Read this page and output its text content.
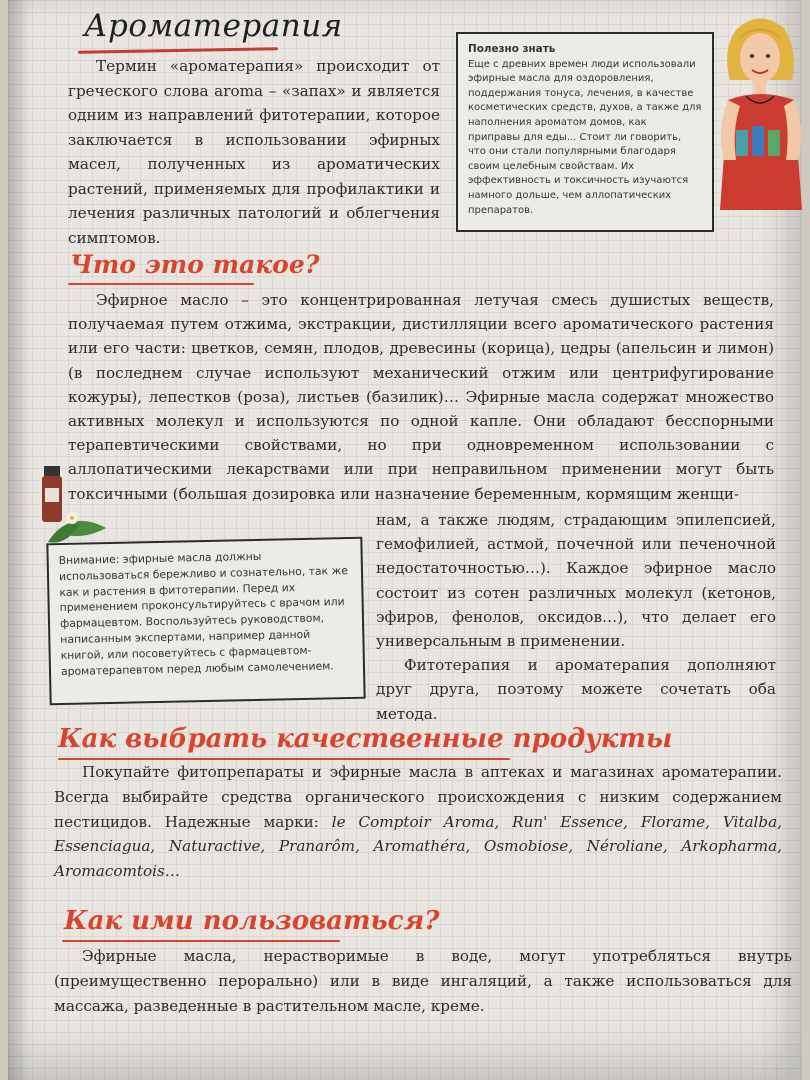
Ароматерапия

Термин «ароматерапия» происходит от греческого слова aroma – «запах» и является одним из направлений фитотерапии, которое заключается в использовании эфирных масел, полученных из ароматических растений, применяемых для профилактики и лечения различных патологий и облегчения симптомов.

Полезно знать

Еще с древних времен люди использовали эфирные масла для оздоровления, поддержания тонуса, лечения, в качестве косметических средств, духов, а также для наполнения ароматом домов, как приправы для еды... Стоит ли говорить, что они стали популярными благодаря своим целебным свойствам. Их эффективность и токсичность изучаются намного дольше, чем аллопатических препаратов.

Что это такое?

Эфирное масло – это концентрированная летучая смесь душистых веществ, получаемая путем отжима, экстракции, дистилляции всего ароматического растения или его части: цветков, семян, плодов, древесины (корица), цедры (апельсин и лимон) (в последнем случае используют механический отжим или центрифугирование кожуры), лепестков (роза), листьев (базилик)… Эфирные масла содержат множество активных молекул и используются по одной капле. Они обладают бесспорными терапевтическими свойствами, но при одновременном использовании с аллопатическими лекарствами или при неправильном применении могут быть токсичными (большая дозировка или назначение беременным, кормящим женщи-

Внимание: эфирные масла должны использоваться бережливо и сознательно, так же как и растения в фитотерапии. Перед их применением проконсультируйтесь с врачом или фармацевтом. Воспользуйтесь руководством, написанным экспертами, например данной книгой, или посоветуйтесь с фармацевтом-ароматерапевтом перед любым самолечением.

нам, а также людям, страдающим эпилепсией, гемофилией, астмой, почечной или печеночной недостаточностью…). Каждое эфирное масло состоит из сотен различных молекул (кетонов, эфиров, фенолов, оксидов…), что делает его универсальным в применении.

Фитотерапия и ароматерапия дополняют друг друга, поэтому можете сочетать оба метода.

Как выбрать качественные продукты

Покупайте фитопрепараты и эфирные масла в аптеках и магазинах ароматерапии. Всегда выбирайте средства органического происхождения с низким содержанием пестицидов. Надежные марки: le Comptoir Aroma, Run' Essence, Florame, Vitalba, Essenciagua, Naturactive, Pranarôm, Aromathéra, Osmobiose, Néroliane, Arkopharma, Aromacomtois…

Как ими пользоваться?

Эфирные масла, нерастворимые в воде, могут употребляться внутрь (преимущественно перорально) или в виде ингаляций, а также использоваться для массажа, разведенные в растительном масле, креме.
